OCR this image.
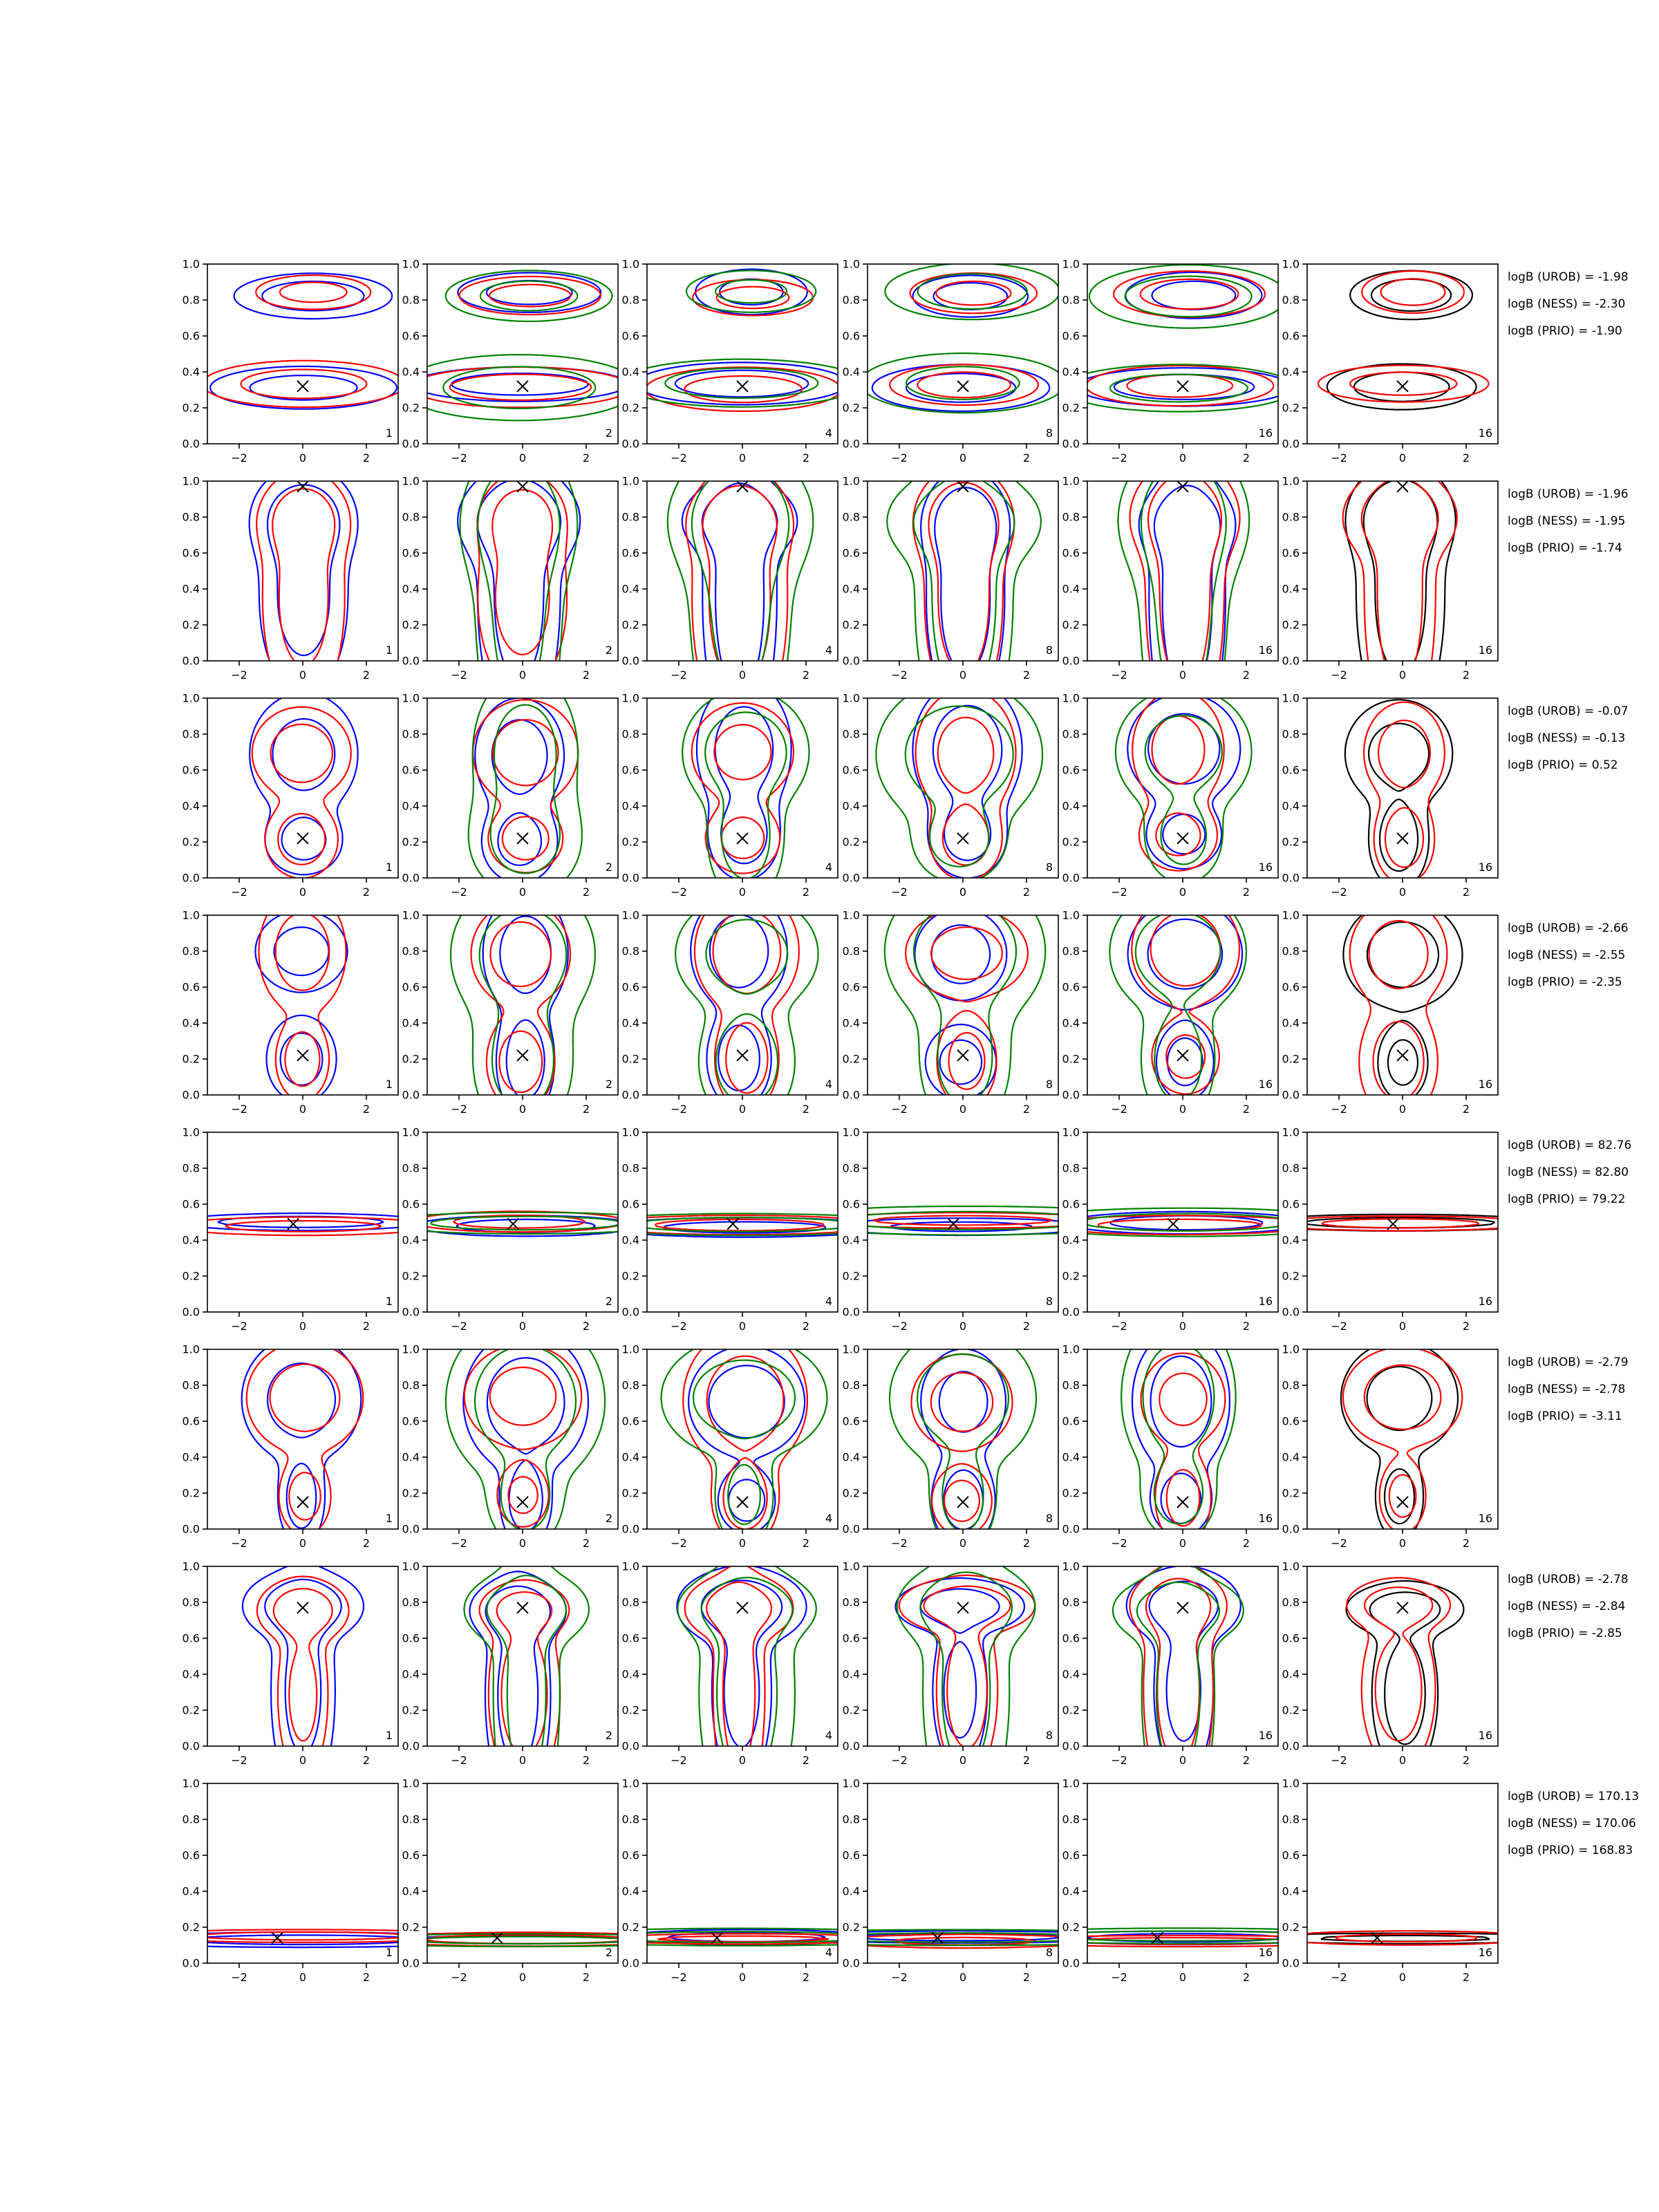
−2	0	2
0.0
0.2
0.4
0.6
0.8
1.0
1
−2	0	2
0.0
0.2
0.4
0.6
0.8
1.0
2
−2	0	2
0.0
0.2
0.4
0.6
0.8
1.0
4
−2	0	2
0.0
0.2
0.4
0.6
0.8
1.0
8
−2	0	2
0.0
0.2
0.4
0.6
0.8
1.0
16
−2	0	2
0.0
0.2
0.4
0.6
0.8
1.0
16
logB (UROB) = -1.98
logB (NESS) = -2.30
logB (PRIO) = -1.90
−2	0	2
0.0
0.2
0.4
0.6
0.8
1.0
1
−2	0	2
0.0
0.2
0.4
0.6
0.8
1.0
2
−2	0	2
0.0
0.2
0.4
0.6
0.8
1.0
4
−2	0	2
0.0
0.2
0.4
0.6
0.8
1.0
8
−2	0	2
0.0
0.2
0.4
0.6
0.8
1.0
16
−2	0	2
0.0
0.2
0.4
0.6
0.8
1.0
16
logB (UROB) = -1.96
logB (NESS) = -1.95
logB (PRIO) = -1.74
−2	0	2
0.0
0.2
0.4
0.6
0.8
1.0
1
−2	0	2
0.0
0.2
0.4
0.6
0.8
1.0
2
−2	0	2
0.0
0.2
0.4
0.6
0.8
1.0
4
−2	0	2
0.0
0.2
0.4
0.6
0.8
1.0
8
−2	0	2
0.0
0.2
0.4
0.6
0.8
1.0
16
−2	0	2
0.0
0.2
0.4
0.6
0.8
1.0
16
logB (UROB) = -0.07
logB (NESS) = -0.13
logB (PRIO) = 0.52
−2	0	2
0.0
0.2
0.4
0.6
0.8
1.0
1
−2	0	2
0.0
0.2
0.4
0.6
0.8
1.0
2
−2	0	2
0.0
0.2
0.4
0.6
0.8
1.0
4
−2	0	2
0.0
0.2
0.4
0.6
0.8
1.0
8
−2	0	2
0.0
0.2
0.4
0.6
0.8
1.0
16
−2	0	2
0.0
0.2
0.4
0.6
0.8
1.0
16
logB (UROB) = -2.66
logB (NESS) = -2.55
logB (PRIO) = -2.35
−2	0	2
0.0
0.2
0.4
0.6
0.8
1.0
1
−2	0	2
0.0
0.2
0.4
0.6
0.8
1.0
2
−2	0	2
0.0
0.2
0.4
0.6
0.8
1.0
4
−2	0	2
0.0
0.2
0.4
0.6
0.8
1.0
8
−2	0	2
0.0
0.2
0.4
0.6
0.8
1.0
16
−2	0	2
0.0
0.2
0.4
0.6
0.8
1.0
16
logB (UROB) = 82.76
logB (NESS) = 82.80
logB (PRIO) = 79.22
−2	0	2
0.0
0.2
0.4
0.6
0.8
1.0
1
−2	0	2
0.0
0.2
0.4
0.6
0.8
1.0
2
−2	0	2
0.0
0.2
0.4
0.6
0.8
1.0
4
−2	0	2
0.0
0.2
0.4
0.6
0.8
1.0
8
−2	0	2
0.0
0.2
0.4
0.6
0.8
1.0
16
−2	0	2
0.0
0.2
0.4
0.6
0.8
1.0
16
logB (UROB) = -2.79
logB (NESS) = -2.78
logB (PRIO) = -3.11
−2	0	2
0.0
0.2
0.4
0.6
0.8
1.0
1
−2	0	2
0.0
0.2
0.4
0.6
0.8
1.0
2
−2	0	2
0.0
0.2
0.4
0.6
0.8
1.0
4
−2	0	2
0.0
0.2
0.4
0.6
0.8
1.0
8
−2	0	2
0.0
0.2
0.4
0.6
0.8
1.0
16
−2	0	2
0.0
0.2
0.4
0.6
0.8
1.0
16
logB (UROB) = -2.78
logB (NESS) = -2.84
logB (PRIO) = -2.85
−2	0	2
0.0
0.2
0.4
0.6
0.8
1.0
1
−2	0	2
0.0
0.2
0.4
0.6
0.8
1.0
2
−2	0	2
0.0
0.2
0.4
0.6
0.8
1.0
4
−2	0	2
0.0
0.2
0.4
0.6
0.8
1.0
8
−2	0	2
0.0
0.2
0.4
0.6
0.8
1.0
16
−2	0	2
0.0
0.2
0.4
0.6
0.8
1.0
16
logB (UROB) = 170.13
logB (NESS) = 170.06
logB (PRIO) = 168.83
